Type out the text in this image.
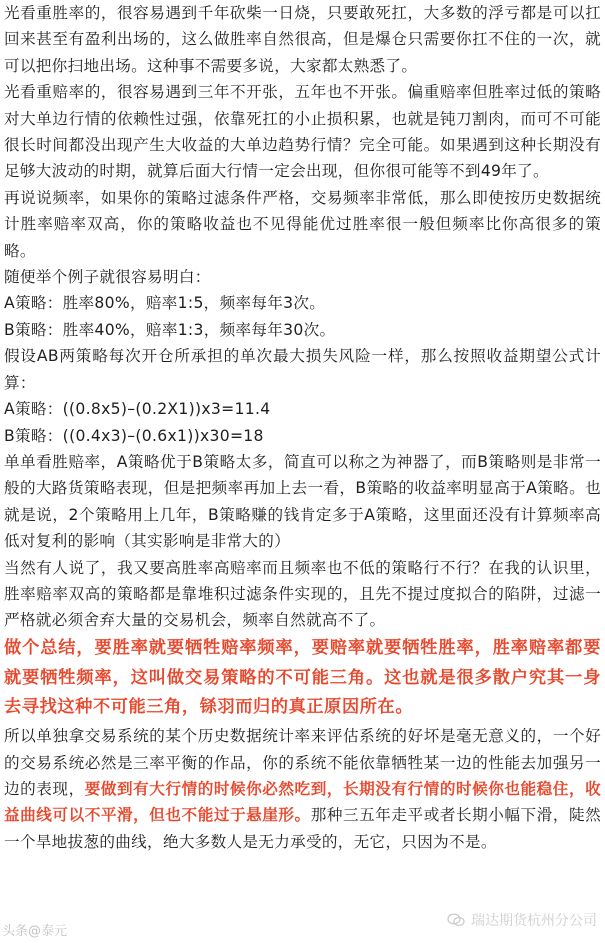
光看重胜率的，很容易遇到千年砍柴一日烧，只要敢死扛，大多数的浮亏都是可以扛回来甚至有盈利出场的，这么做胜率自然很高，但是爆仓只需要你扛不住的一次，就可以把你扫地出场。这种事不需要多说，大家都太熟悉了。

光看重赔率的，很容易遇到三年不开张，五年也不开张。偏重赔率但胜率过低的策略对大单边行情的依赖性过强，依靠死扛的小止损积累，也就是钝刀割肉，而可不可能很长时间都没出现产生大收益的大单边趋势行情？完全可能。如果遇到这种长期没有足够大波动的时期，就算后面大行情一定会出现，但你很可能等不到49年了。

再说说频率，如果你的策略过滤条件严格，交易频率非常低，那么即使按历史数据统计胜率赔率双高，你的策略收益也不见得能优过胜率很一般但频率比你高很多的策略。

随便举个例子就很容易明白：

A策略：胜率80%，赔率1:5，频率每年3次。

B策略：胜率40%，赔率1:3，频率每年30次。

假设AB两策略每次开仓所承担的单次最大损失风险一样，那么按照收益期望公式计算：

A策略：((0.8x5)–(0.2X1))x3=11.4

B策略：((0.4x3)–(0.6x1))x30=18

单单看胜赔率，A策略优于B策略太多，简直可以称之为神器了，而B策略则是非常一般的大路货策略表现，但是把频率再加上去一看，B策略的收益率明显高于A策略。也就是说，2个策略用上几年，B策略赚的钱肯定多于A策略，这里面还没有计算频率高低对复利的影响（其实影响是非常大的）

当然有人说了，我又要高胜率高赔率而且频率也不低的策略行不行？在我的认识里，胜率赔率双高的策略都是靠堆积过滤条件实现的，且先不提过度拟合的陷阱，过滤一严格就必须舍弃大量的交易机会，频率自然就高不了。

做个总结，要胜率就要牺牲赔率频率，要赔率就要牺牲胜率，胜率赔率都要就要牺牲频率，这叫做交易策略的不可能三角。这也就是很多散户究其一身去寻找这种不可能三角，铩羽而归的真正原因所在。

所以单独拿交易系统的某个历史数据统计率来评估系统的好坏是毫无意义的，一个好的交易系统必然是三率平衡的作品，你的系统不能依靠牺牲某一边的性能去加强另一边的表现，要做到有大行情的时候你必然吃到，长期没有行情的时候你也能稳住，收益曲线可以不平滑，但也不能过于悬崖形。那种三五年走平或者长期小幅下滑，陡然一个旱地拔葱的曲线，绝大多数人是无力承受的，无它，只因为不是。

头条@泰元
瑞达期货杭州分公司
